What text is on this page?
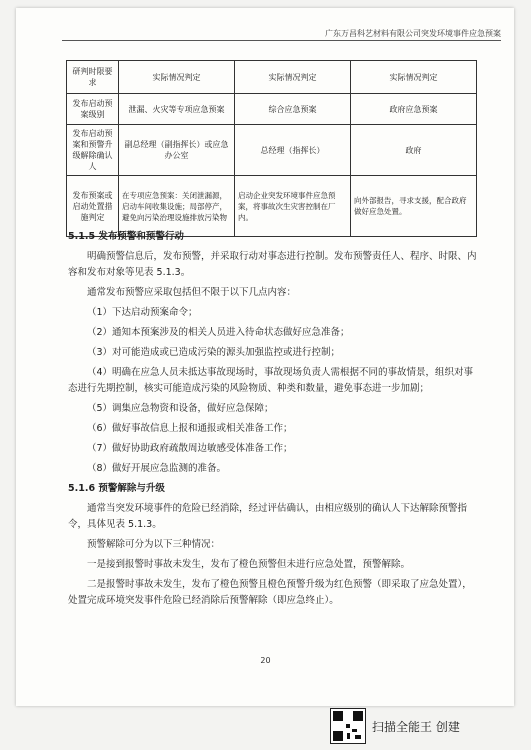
广东万昌科艺材料有限公司突发环境事件应急预案
研判时限要求	实际情况判定	实际情况判定	实际情况判定
发布启动预案级别	泄漏、火灾等专项应急预案	综合应急预案	政府应急预案
发布启动预案和预警升级解除确认人	副总经理（副指挥长）或应急办公室	总经理（指挥长）	政府
发布预案或启动处置措施判定	在专项应急预案：关闭泄漏源，启动车间收集设施；局部停产，避免向污染治理设施排放污染物	启动企业突发环境事件应急预案，将事故次生灾害控制在厂内。	向外部报告，寻求支援，配合政府做好应急处置。
5.1.5 发布预警和预警行动
明确预警信息后，发布预警，并采取行动对事态进行控制。发布预警责任人、程序、时限、内容和发布对象等见表 5.1.3。
通常发布预警应采取包括但不限于以下几点内容：
（1）下达启动预案命令；
（2）通知本预案涉及的相关人员进入待命状态做好应急准备；
（3）对可能造成或已造成污染的源头加强监控或进行控制；
（4）明确在应急人员未抵达事故现场时，事故现场负责人需根据不同的事故情景，组织对事态进行先期控制，核实可能造成污染的风险物质、种类和数量，避免事态进一步加剧；
（5）调集应急物资和设备，做好应急保障；
（6）做好事故信息上报和通报或相关准备工作；
（7）做好协助政府疏散周边敏感受体准备工作；
（8）做好开展应急监测的准备。
5.1.6 预警解除与升级
通常当突发环境事件的危险已经消除，经过评估确认，由相应级别的确认人下达解除预警指令，具体见表 5.1.3。
预警解除可分为以下三种情况：
一是接到报警时事故未发生，发布了橙色预警但未进行应急处置，预警解除。
二是报警时事故未发生，发布了橙色预警且橙色预警升级为红色预警（即采取了应急处置），处置完成环境突发事件危险已经消除后预警解除（即应急终止）。
20
扫描全能王 创建
